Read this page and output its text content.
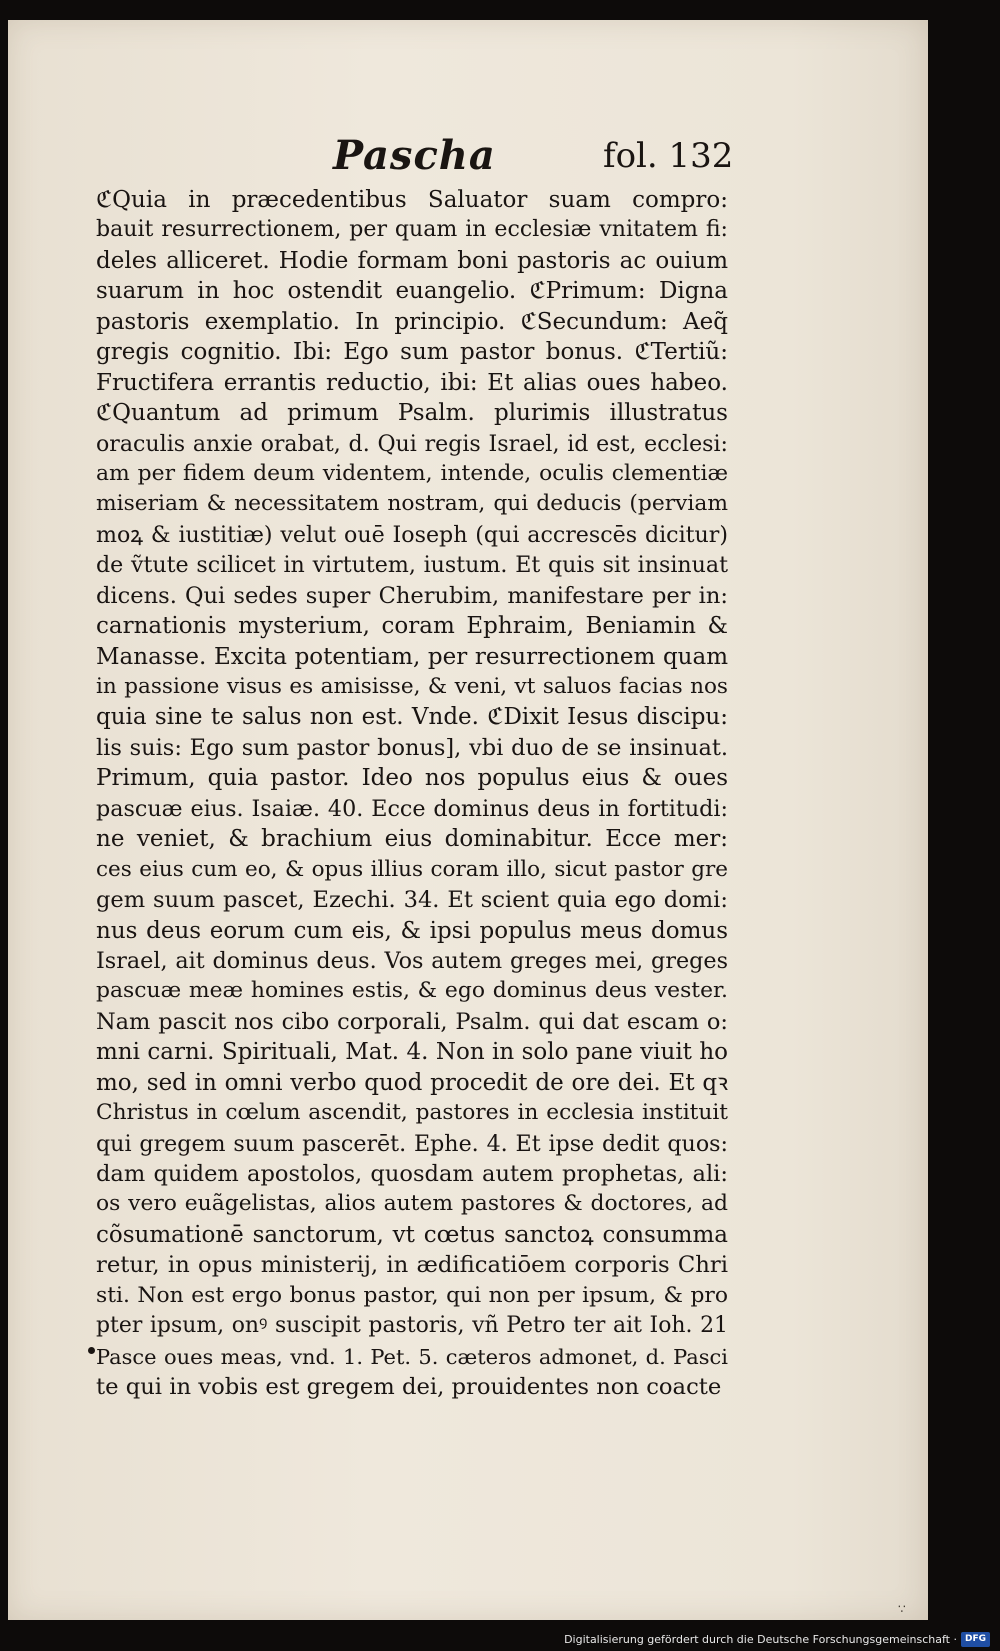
Pascha	fol. 132
ℭQuia in præcedentibus Saluator suam compro:
bauit resurrectionem, per quam in ecclesiæ vnitatem fi:
deles alliceret. Hodie formam boni pastoris ac ouium
suarum in hoc ostendit euangelio. ℭPrimum: Digna
pastoris exemplatio. In principio. ℭSecundum: Aeq̃
gregis cognitio. Ibi: Ego sum pastor bonus. ℭTertiũ:
Fructifera errantis reductio, ibi: Et alias oues habeo.
ℭQuantum ad primum Psalm. plurimis illustratus
oraculis anxie orabat, d. Qui regis Israel, id est, ecclesi:
am per fidem deum videntem, intende, oculis clementiæ
miseriam & necessitatem nostram, qui deducis (perviam
moꝝ & iustitiæ) velut ouē Ioseph (qui accrescēs dicitur)
de ṽtute scilicet in virtutem, iustum. Et quis sit insinuat
dicens. Qui sedes super Cherubim, manifestare per in:
carnationis mysterium, coram Ephraim, Beniamin &
Manasse. Excita potentiam, per resurrectionem quam
in passione visus es amisisse, & veni, vt saluos facias nos
quia sine te salus non est. Vnde. ℭDixit Iesus discipu:
lis suis: Ego sum pastor bonus], vbi duo de se insinuat.
Primum, quia pastor. Ideo nos populus eius & oues
pascuæ eius. Isaiæ. 40. Ecce dominus deus in fortitudi:
ne veniet, & brachium eius dominabitur. Ecce mer:
ces eius cum eo, & opus illius coram illo, sicut pastor gre
gem suum pascet, Ezechi. 34. Et scient quia ego domi:
nus deus eorum cum eis, & ipsi populus meus domus
Israel, ait dominus deus. Vos autem greges mei, greges
pascuæ meæ homines estis, & ego dominus deus vester.
Nam pascit nos cibo corporali, Psalm. qui dat escam o:
mni carni. Spirituali, Mat. 4. Non in solo pane viuit ho
mo, sed in omni verbo quod procedit de ore dei. Et qꝛ
Christus in cœlum ascendit, pastores in ecclesia instituit
qui gregem suum pascerēt. Ephe. 4. Et ipse dedit quos:
dam quidem apostolos, quosdam autem prophetas, ali:
os vero euãgelistas, alios autem pastores & doctores, ad
cõsumationē sanctorum, vt cœtus sanctoꝝ consumma
retur, in opus ministerij, in ædificatiōem corporis Chri
sti. Non est ergo bonus pastor, qui non per ipsum, & pro
pter ipsum, onꝰ suscipit pastoris, vñ Petro ter ait Ioh. 21
Pasce oues meas, vnd. 1. Pet. 5. cæteros admonet, d. Pasci
te qui in vobis est gregem dei, prouidentes non coacte
∵
Digitalisierung gefördert durch die Deutsche Forschungsgemeinschaft · DFG
